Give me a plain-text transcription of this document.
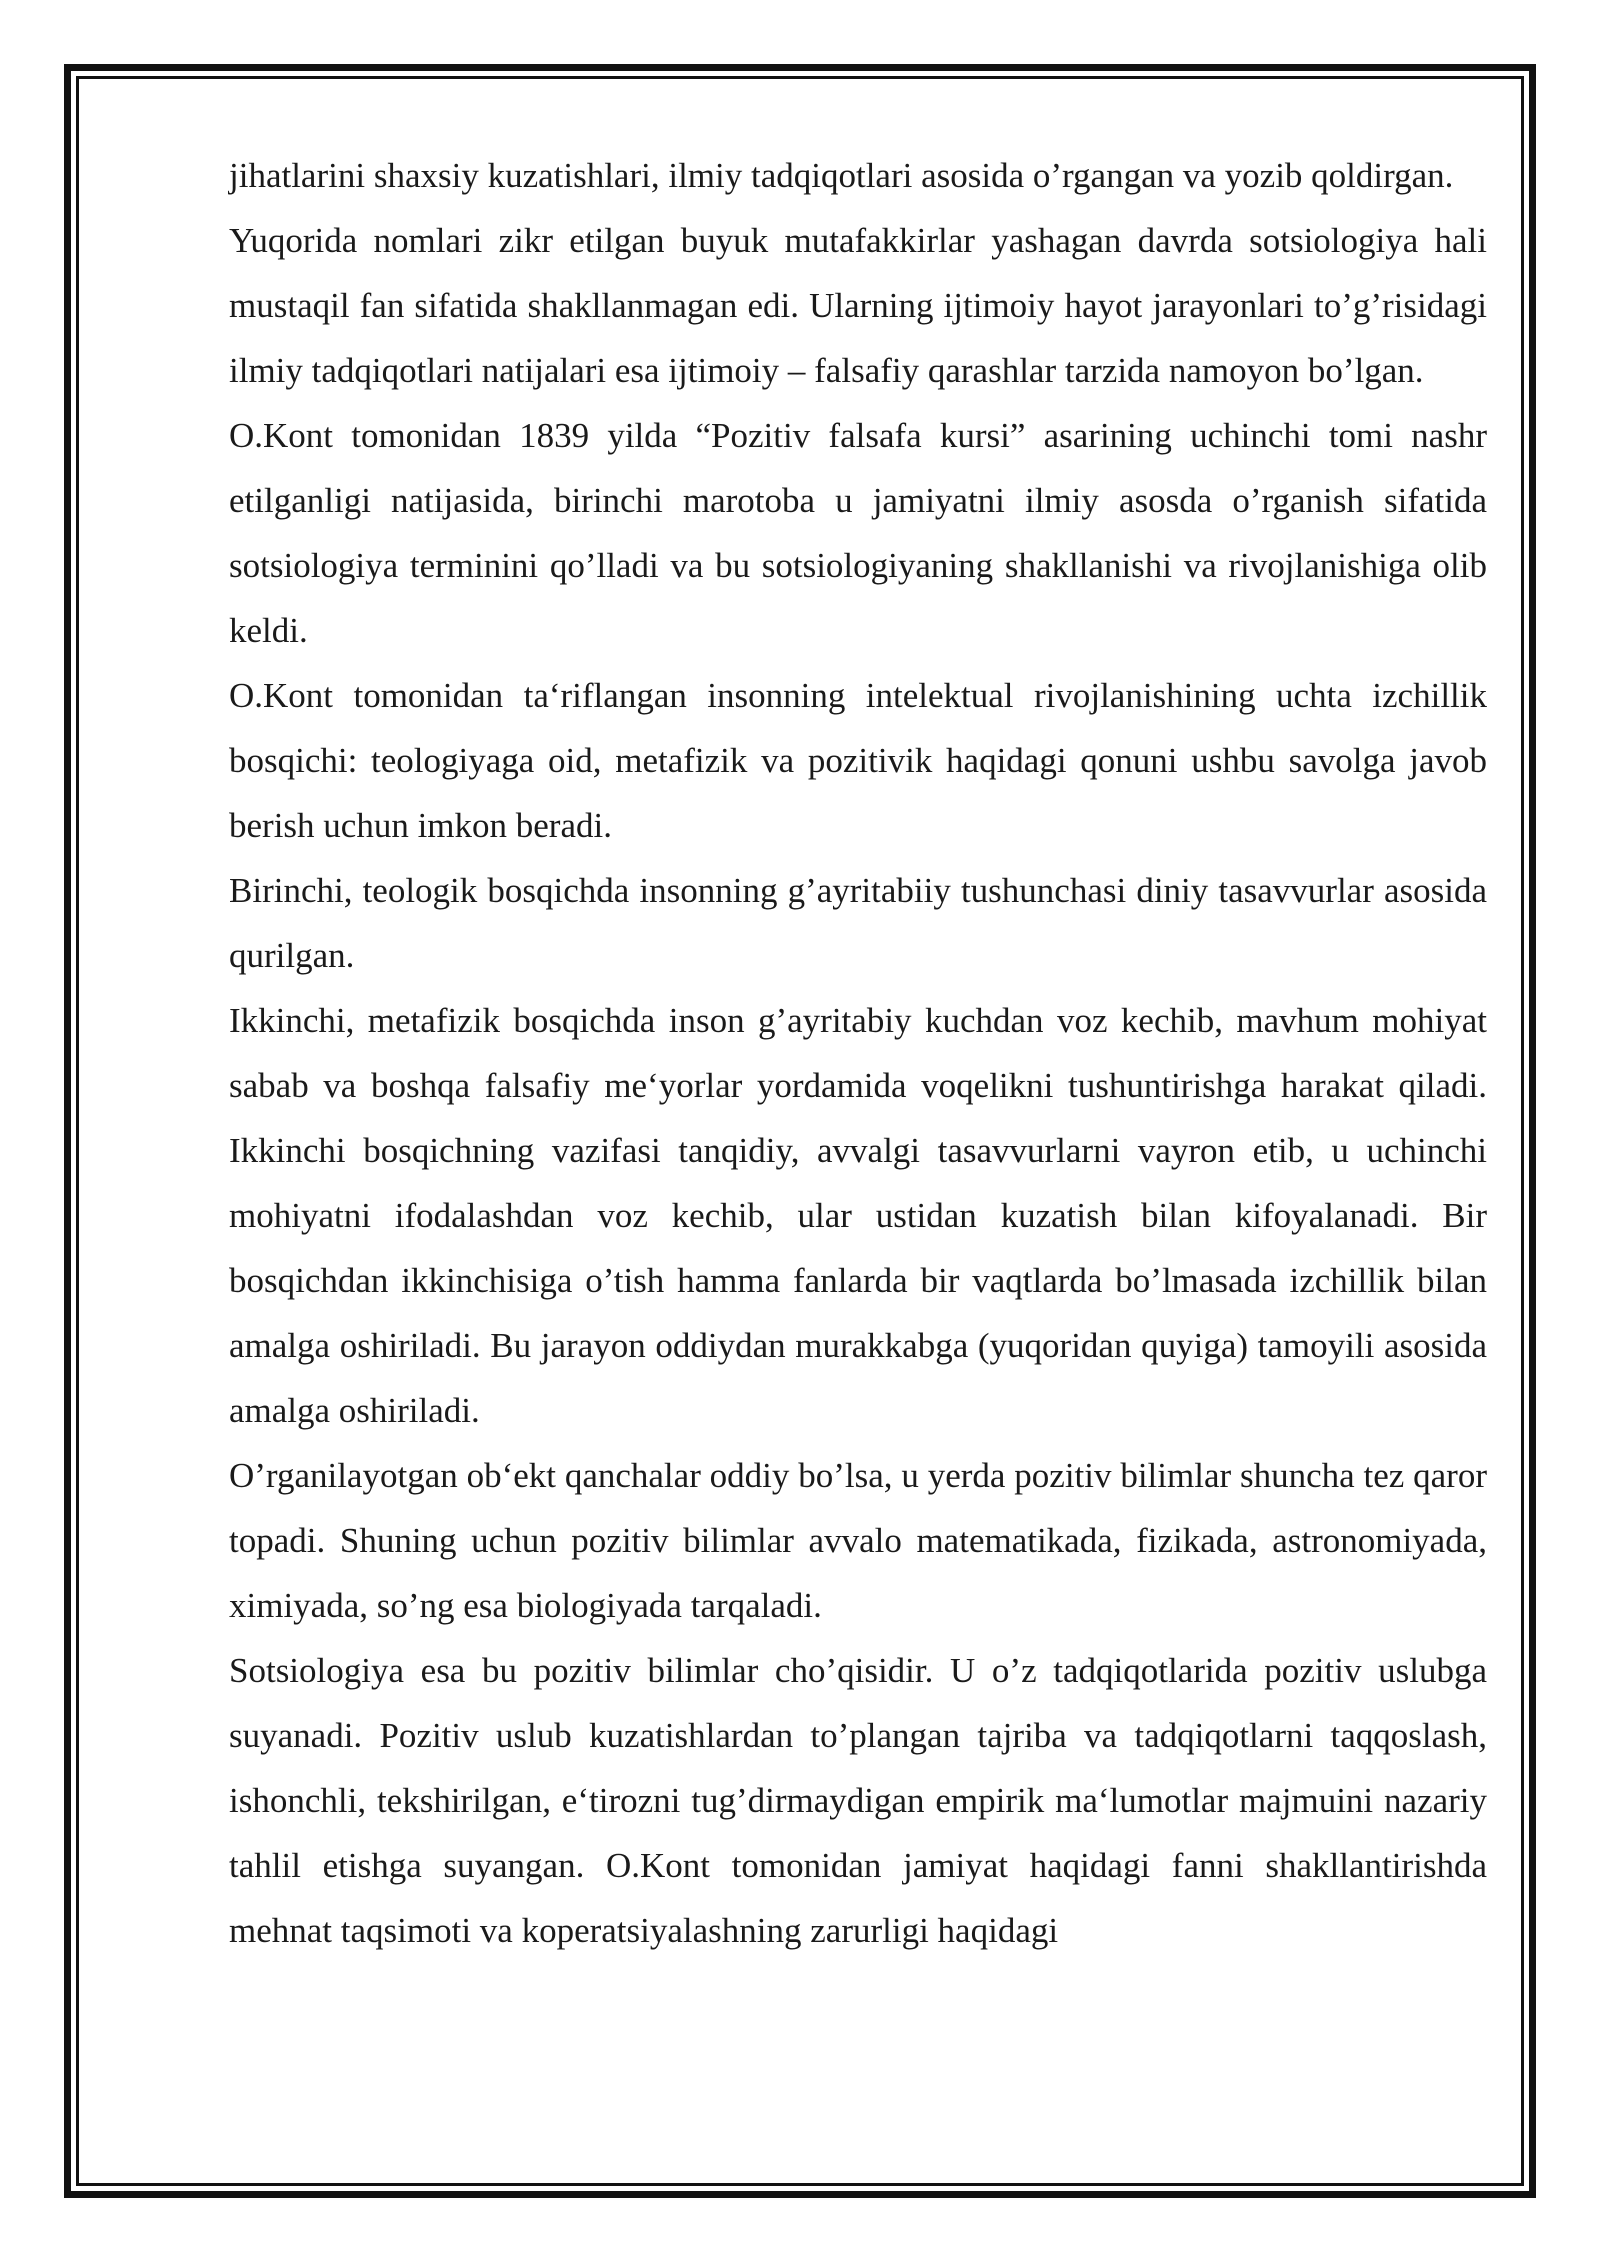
jihatlarini shaxsiy kuzatishlari, ilmiy tadqiqotlari asosida o’rgangan va yozib qoldirgan.

Yuqorida nomlari zikr etilgan buyuk mutafakkirlar yashagan davrda sotsiologiya hali mustaqil fan sifatida shakllanmagan edi. Ularning ijtimoiy hayot jarayonlari to’g’risidagi ilmiy tadqiqotlari natijalari esa ijtimoiy – falsafiy qarashlar tarzida namoyon bo’lgan.

O.Kont tomonidan 1839 yilda “Pozitiv falsafa kursi” asarining uchinchi tomi nashr etilganligi natijasida, birinchi marotoba u jamiyatni ilmiy asosda o’rganish sifatida sotsiologiya terminini qo’lladi va bu sotsiologiyaning shakllanishi va rivojlanishiga olib keldi.

O.Kont tomonidan ta‘riflangan insonning intelektual rivojlanishining uchta izchillik bosqichi: teologiyaga oid, metafizik va pozitivik haqidagi qonuni ushbu savolga javob berish uchun imkon beradi.

Birinchi, teologik bosqichda insonning g’ayritabiiy tushunchasi diniy tasavvurlar asosida qurilgan.

Ikkinchi, metafizik bosqichda inson g’ayritabiy kuchdan voz kechib, mavhum mohiyat sabab va boshqa falsafiy me‘yorlar yordamida voqelikni tushuntirishga harakat qiladi. Ikkinchi bosqichning vazifasi tanqidiy, avvalgi tasavvurlarni vayron etib, u uchinchi mohiyatni ifodalashdan voz kechib, ular ustidan kuzatish bilan kifoyalanadi. Bir bosqichdan ikkinchisiga o’tish hamma fanlarda bir vaqtlarda bo’lmasada izchillik bilan amalga oshiriladi. Bu jarayon oddiydan murakkabga (yuqoridan quyiga) tamoyili asosida amalga oshiriladi.

O’rganilayotgan ob‘ekt qanchalar oddiy bo’lsa, u yerda pozitiv bilimlar shuncha tez qaror topadi. Shuning uchun pozitiv bilimlar avvalo matematikada, fizikada, astronomiyada, ximiyada, so’ng esa biologiyada tarqaladi.

Sotsiologiya esa bu pozitiv bilimlar cho’qisidir. U o’z tadqiqotlarida pozitiv uslubga suyanadi. Pozitiv uslub kuzatishlardan to’plangan tajriba va tadqiqotlarni taqqoslash, ishonchli, tekshirilgan, e‘tirozni tug’dirmaydigan empirik ma‘lumotlar majmuini nazariy tahlil etishga suyangan. O.Kont tomonidan jamiyat haqidagi fanni shakllantirishda mehnat taqsimoti va koperatsiyalashning zarurligi haqidagi
